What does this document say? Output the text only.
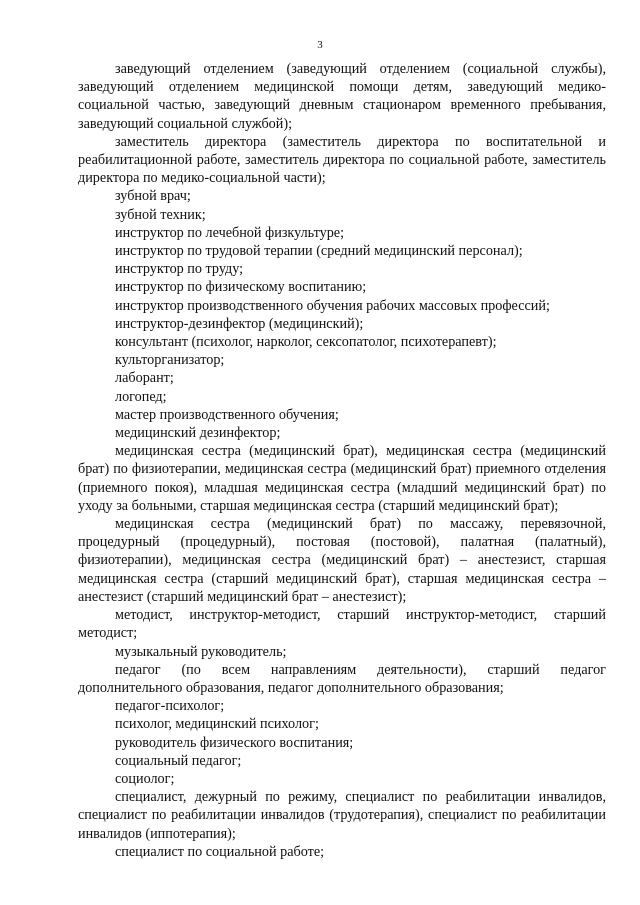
3

заведующий отделением (заведующий отделением (социальной службы), заведующий отделением медицинской помощи детям, заведующий медико-социальной частью, заведующий дневным стационаром временного пребывания, заведующий социальной службой);

заместитель директора (заместитель директора по воспитательной и реабилитационной работе, заместитель директора по социальной работе, заместитель директора по медико-социальной части);

зубной врач;

зубной техник;

инструктор по лечебной физкультуре;

инструктор по трудовой терапии (средний медицинский персонал);

инструктор по труду;

инструктор по физическому воспитанию;

инструктор производственного обучения рабочих массовых профессий;

инструктор-дезинфектор (медицинский);

консультант (психолог, нарколог, сексопатолог, психотерапевт);

культорганизатор;

лаборант;

логопед;

мастер производственного обучения;

медицинский дезинфектор;

медицинская сестра (медицинский брат), медицинская сестра (медицинский брат) по физиотерапии, медицинская сестра (медицинский брат) приемного отделения (приемного покоя), младшая медицинская сестра (младший медицинский брат) по уходу за больными, старшая медицинская сестра (старший медицинский брат);

медицинская сестра (медицинский брат) по массажу, перевязочной, процедурный (процедурный), постовая (постовой), палатная (палатный), физиотерапии), медицинская сестра (медицинский брат) – анестезист, старшая медицинская сестра (старший медицинский брат), старшая медицинская сестра – анестезист (старший медицинский брат – анестезист);

методист, инструктор-методист, старший инструктор-методист, старший методист;

музыкальный руководитель;

педагог (по всем направлениям деятельности), старший педагог дополнительного образования, педагог дополнительного образования;

педагог-психолог;

психолог, медицинский психолог;

руководитель физического воспитания;

социальный педагог;

социолог;

специалист, дежурный по режиму, специалист по реабилитации инвалидов, специалист по реабилитации инвалидов (трудотерапия), специалист по реабилитации инвалидов (иппотерапия);

специалист по социальной работе;
